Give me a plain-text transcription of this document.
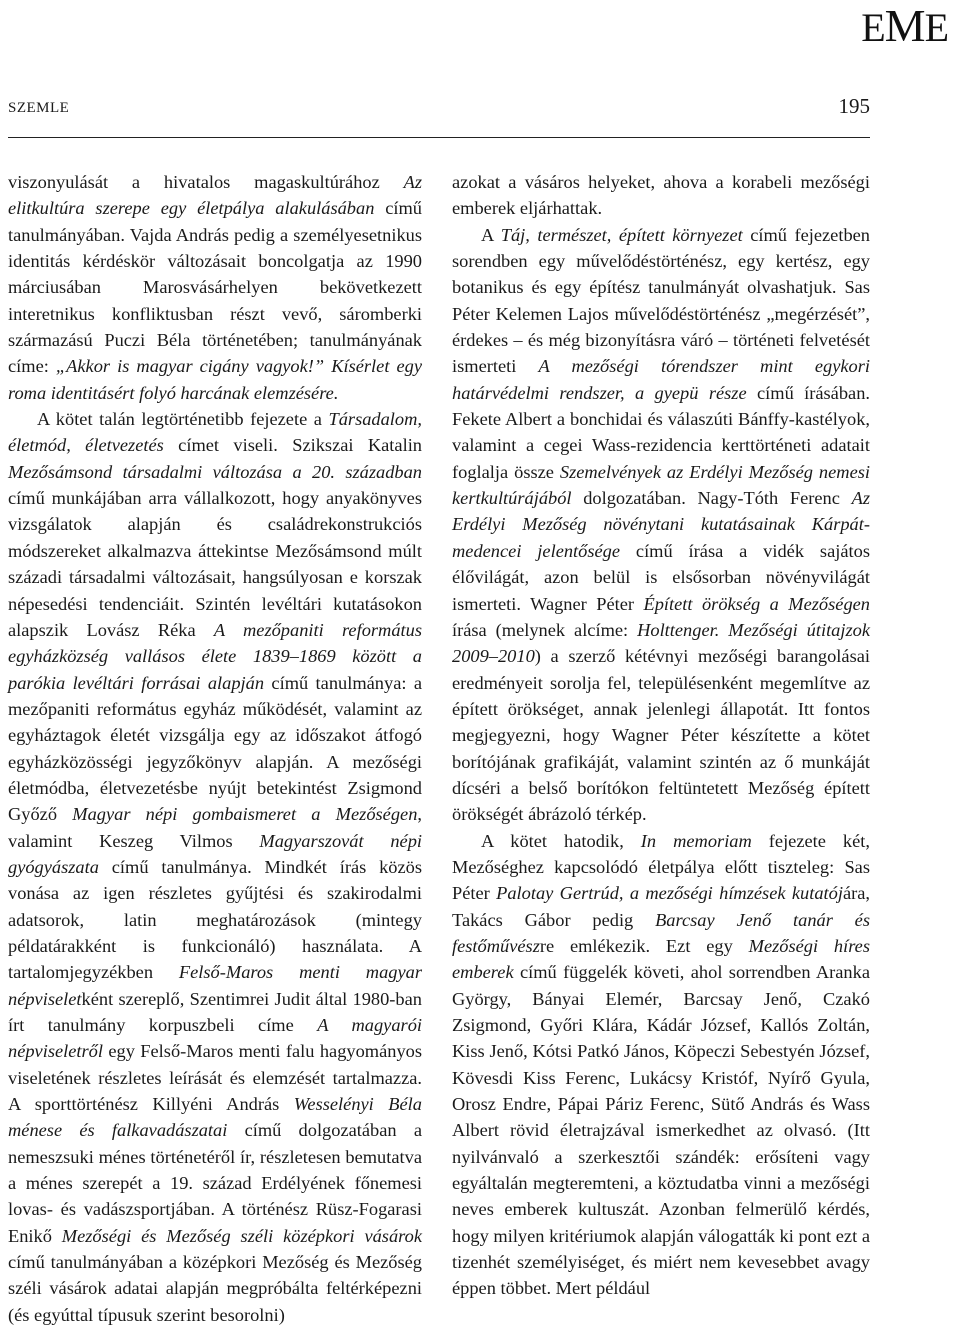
EME
SZEMLE	195

viszonyulását a hivatalos magaskultúrához Az elitkultúra szerepe egy életpálya alakulásában című tanulmányában. Vajda András pedig a személyesetnikus identitás kérdéskör változásait boncolgatja az 1990 márciusában Marosvásárhelyen bekövetkezett interetnikus konfliktusban részt vevő, sáromberki származású Puczi Béla történetében; tanulmányának címe: „Akkor is magyar cigány vagyok!” Kísérlet egy roma identitásért folyó harcának elemzésére.

A kötet talán legtörténetibb fejezete a Társadalom, életmód, életvezetés címet viseli. Szikszai Katalin Mezősámsond társadalmi változása a 20. században című munkájában arra vállalkozott, hogy anyakönyves vizsgálatok alapján és családrekonstrukciós módszereket alkalmazva áttekintse Mezősámsond múlt századi társadalmi változásait, hangsúlyosan e korszak népesedési tendenciáit. Szintén levéltári kutatásokon alapszik Lovász Réka A mezőpaniti református egyházközség vallásos élete 1839–1869 között a parókia levéltári forrásai alapján című tanulmánya: a mezőpaniti református egyház működését, valamint az egyháztagok életét vizsgálja egy az időszakot átfogó egyházközösségi jegyzőkönyv alapján. A mezőségi életmódba, életvezetésbe nyújt betekintést Zsigmond Győző Magyar népi gombaismeret a Mezőségen, valamint Keszeg Vilmos Magyarszovát népi gyógyászata című tanulmánya. Mindkét írás közös vonása az igen részletes gyűjtési és szakirodalmi adatsorok, latin meghatározások (mintegy példatárakként is funkcionáló) használata. A tartalomjegyzékben Felső-Maros menti magyar népviseletként szereplő, Szentimrei Judit által 1980-ban írt tanulmány korpuszbeli címe A magyarói népviseletről egy Felső-Maros menti falu hagyományos viseletének részletes leírását és elemzését tartalmazza. A sporttörténész Killyéni András Wesselényi Béla ménese és falkavadászatai című dolgozatában a nemeszsuki ménes történetéről ír, részletesen bemutatva a ménes szerepét a 19. század Erdélyének főnemesi lovas- és vadászsportjában. A történész Rüsz-Fogarasi Enikő Mezőségi és Mezőség széli középkori vásárok című tanulmányában a középkori Mezőség és Mezőség széli vásárok adatai alapján megpróbálta feltérképezni (és egyúttal típusuk szerint besorolni)

azokat a vásáros helyeket, ahova a korabeli mezőségi emberek eljárhattak.

A Táj, természet, épített környezet című fejezetben sorendben egy művelődéstörténész, egy kertész, egy botanikus és egy építész tanulmányát olvashatjuk. Sas Péter Kelemen Lajos művelődéstörténész „megérzését”, érdekes – és még bizonyításra váró – történeti felvetését ismerteti A mezőségi tórendszer mint egykori határvédelmi rendszer, a gyepü része című írásában. Fekete Albert a bonchidai és válaszúti Bánffy-kastélyok, valamint a cegei Wass-rezidencia kerttörténeti adatait foglalja össze Szemelvények az Erdélyi Mezőség nemesi kertkultúrájából dolgozatában. Nagy-Tóth Ferenc Az Erdélyi Mezőség növénytani kutatásainak Kárpát-medencei jelentősége című írása a vidék sajátos élővilágát, azon belül is elsősorban növényvilágát ismerteti. Wagner Péter Épített örökség a Mezőségen írása (melynek alcíme: Holttenger. Mezőségi útitajzok 2009–2010) a szerző kétévnyi mezőségi barangolásai eredményeit sorolja fel, településenként megemlítve az épített örökséget, annak jelenlegi állapotát. Itt fontos megjegyezni, hogy Wagner Péter készítette a kötet borítójának grafikáját, valamint szintén az ő munkáját dícséri a belső borítókon feltüntetett Mezőség épített örökségét ábrázoló térkép.

A kötet hatodik, In memoriam fejezete két, Mezőséghez kapcsolódó életpálya előtt tiszteleg: Sas Péter Palotay Gertrúd, a mezőségi hímzések kutatójára, Takács Gábor pedig Barcsay Jenő tanár és festőművészre emlékezik. Ezt egy Mezőségi híres emberek című függelék követi, ahol sorrendben Aranka György, Bányai Elemér, Barcsay Jenő, Czakó Zsigmond, Győri Klára, Kádár József, Kallós Zoltán, Kiss Jenő, Kótsi Patkó János, Köpeczi Sebestyén József, Kövesdi Kiss Ferenc, Lukácsy Kristóf, Nyírő Gyula, Orosz Endre, Pápai Páriz Ferenc, Sütő András és Wass Albert rövid életrajzával ismerkedhet az olvasó. (Itt nyilvánvaló a szerkesztői szándék: erősíteni vagy egyáltalán megteremteni, a köztudatba vinni a mezőségi neves emberek kultuszát. Azonban felmerülő kérdés, hogy milyen kritériumok alapján válogatták ki pont ezt a tizenhét személyiséget, és miért nem kevesebbet avagy éppen többet. Mert például
